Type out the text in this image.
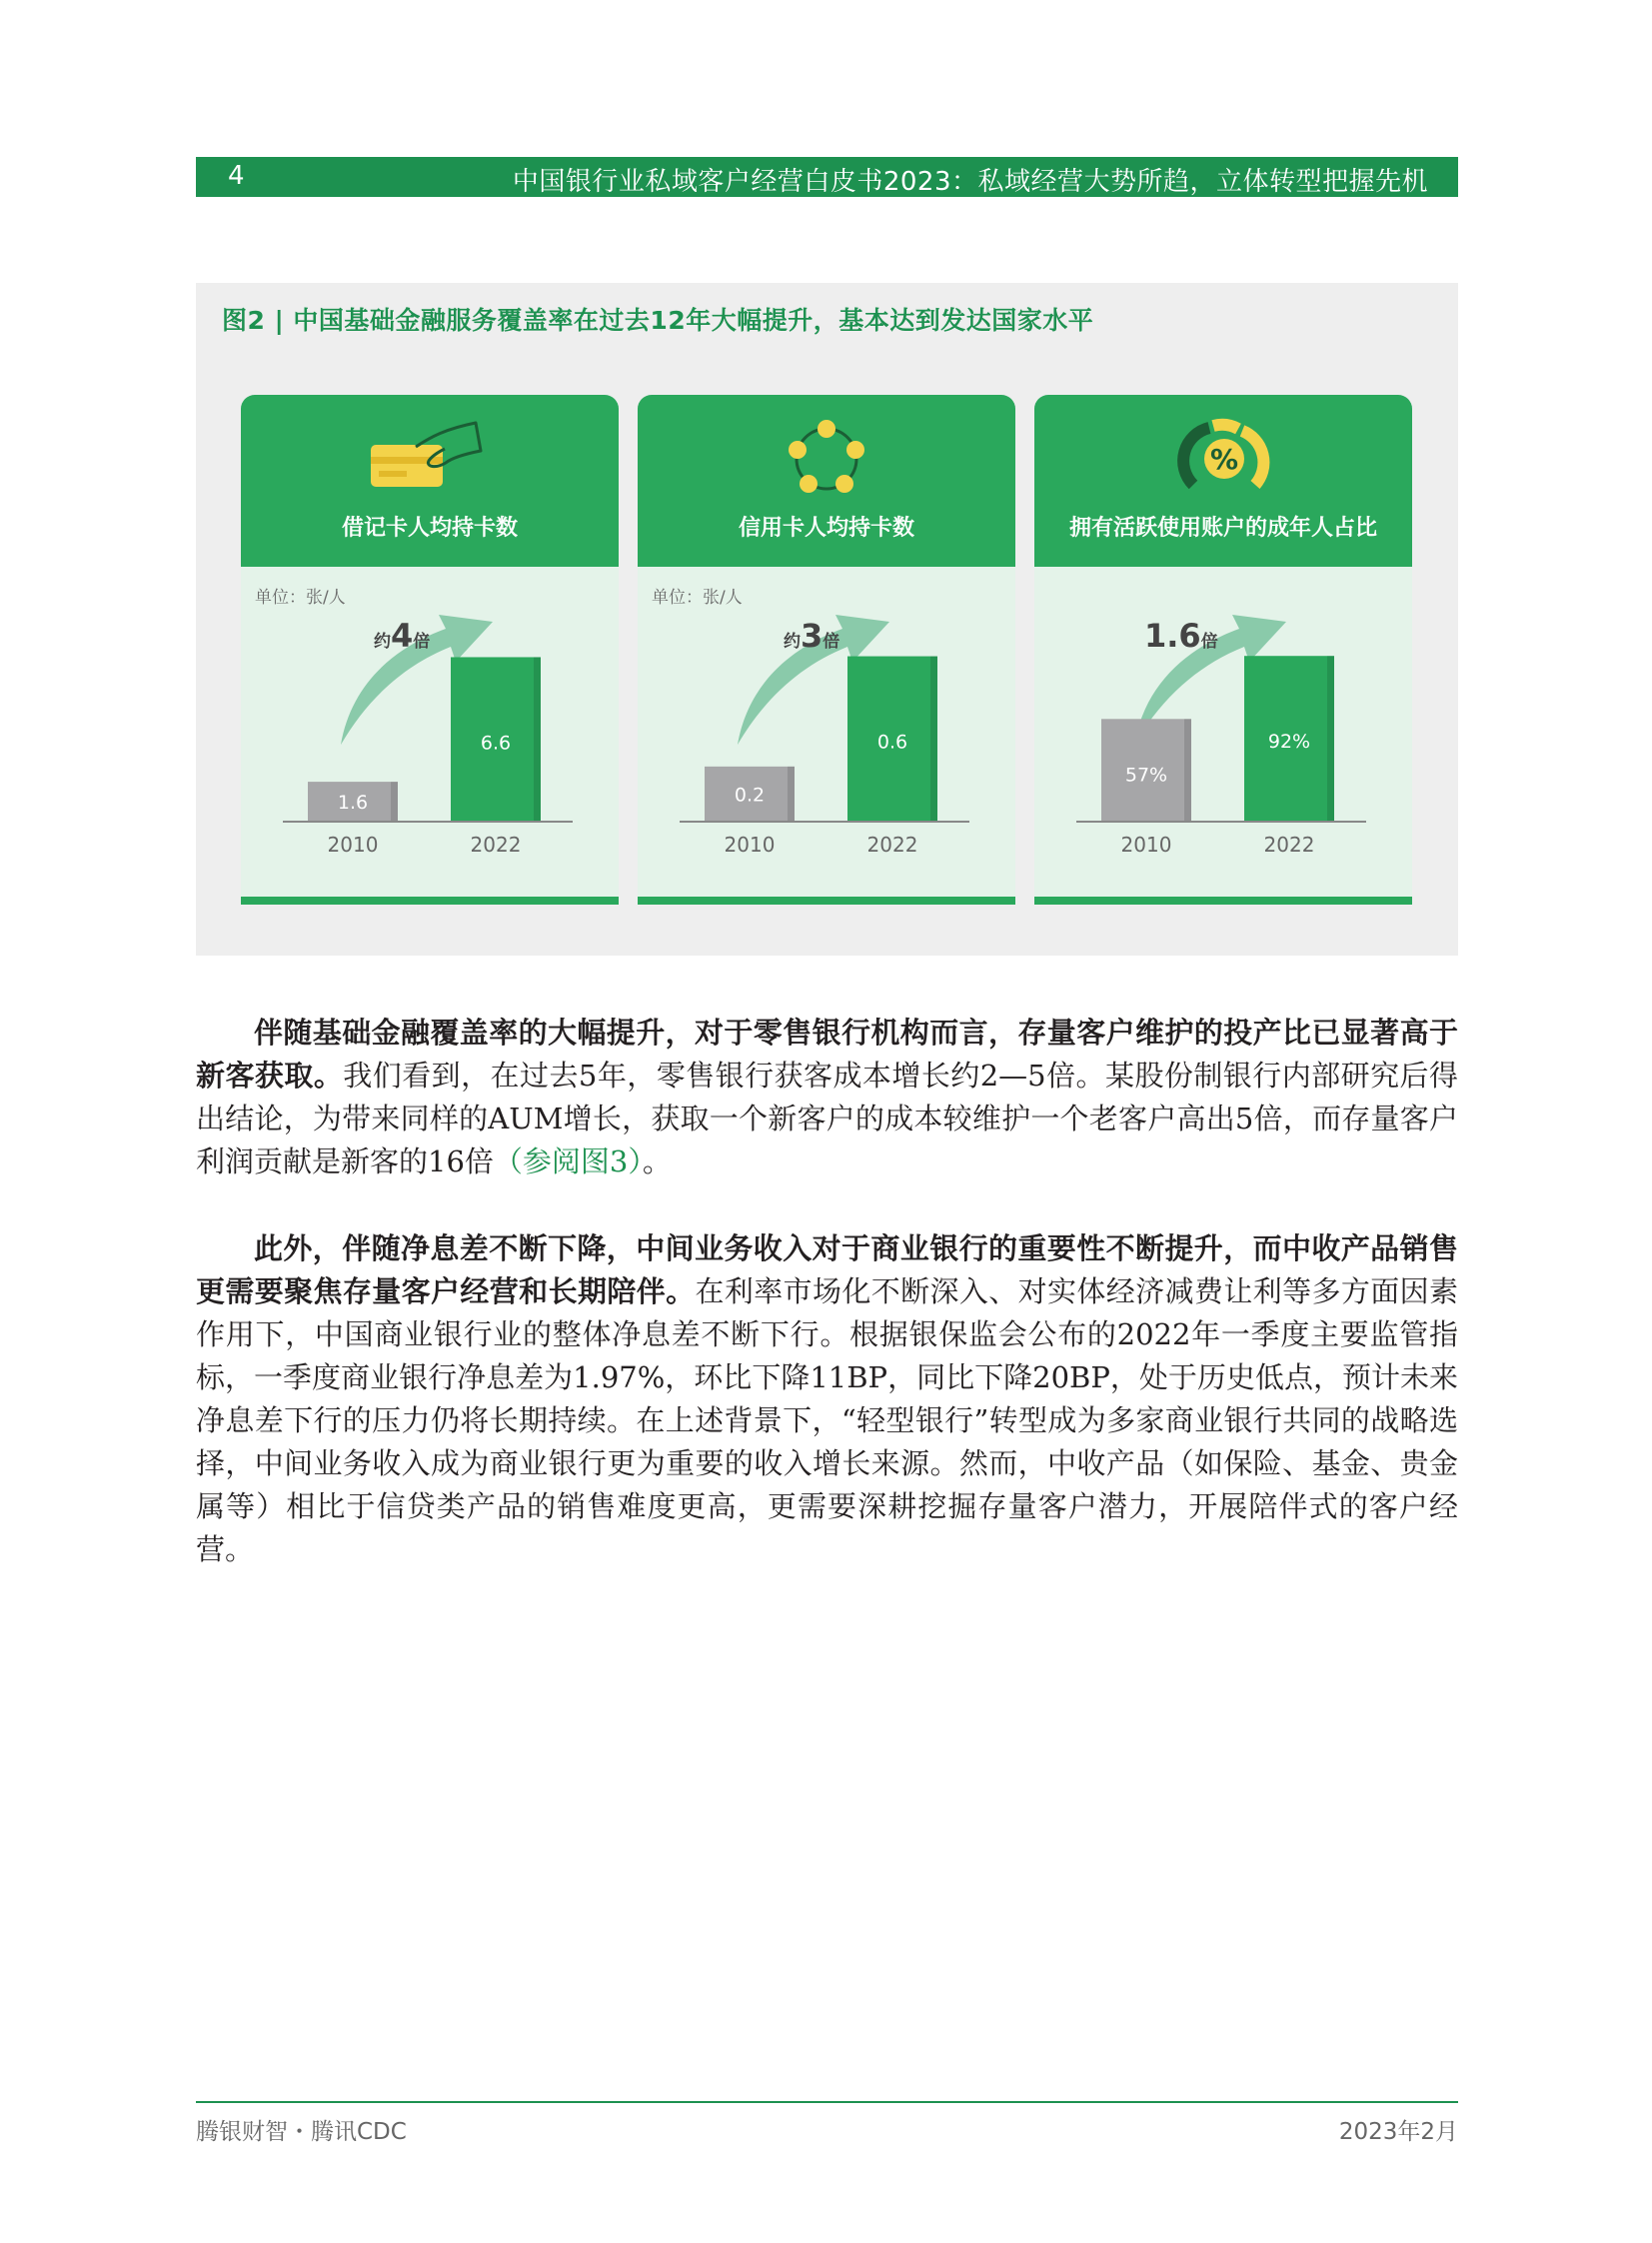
4	中国银行业私域客户经营白皮书2023：私域经营大势所趋，立体转型把握先机
图2 | 中国基础金融服务覆盖率在过去12年大幅提升，基本达到发达国家水平
借记卡人均持卡数
单位：张/人
1.6
2010
6.6
2022
约4倍
信用卡人均持卡数
单位：张/人
0.2
2010
0.6
2022
约3倍
%
拥有活跃使用账户的成年人占比
57%
2010
92%
2022
1.6倍
伴随基础金融覆盖率的大幅提升，对于零售银行机构而言，存量客户维护的投产比已显著高于新客获取。我们看到，在过去5年，零售银行获客成本增长约2—5倍。某股份制银行内部研究后得出结论，为带来同样的AUM增长，获取一个新客户的成本较维护一个老客户高出5倍，而存量客户利润贡献是新客的16倍（参阅图3）。
此外，伴随净息差不断下降，中间业务收入对于商业银行的重要性不断提升，而中收产品销售更需要聚焦存量客户经营和长期陪伴。在利率市场化不断深入、对实体经济减费让利等多方面因素作用下，中国商业银行业的整体净息差不断下行。根据银保监会公布的2022年一季度主要监管指标，一季度商业银行净息差为1.97%，环比下降11BP，同比下降20BP，处于历史低点，预计未来净息差下行的压力仍将长期持续。在上述背景下，“轻型银行”转型成为多家商业银行共同的战略选择，中间业务收入成为商业银行更为重要的收入增长来源。然而，中收产品（如保险、基金、贵金属等）相比于信贷类产品的销售难度更高，更需要深耕挖掘存量客户潜力，开展陪伴式的客户经营。
腾银财智・腾讯CDC	2023年2月
